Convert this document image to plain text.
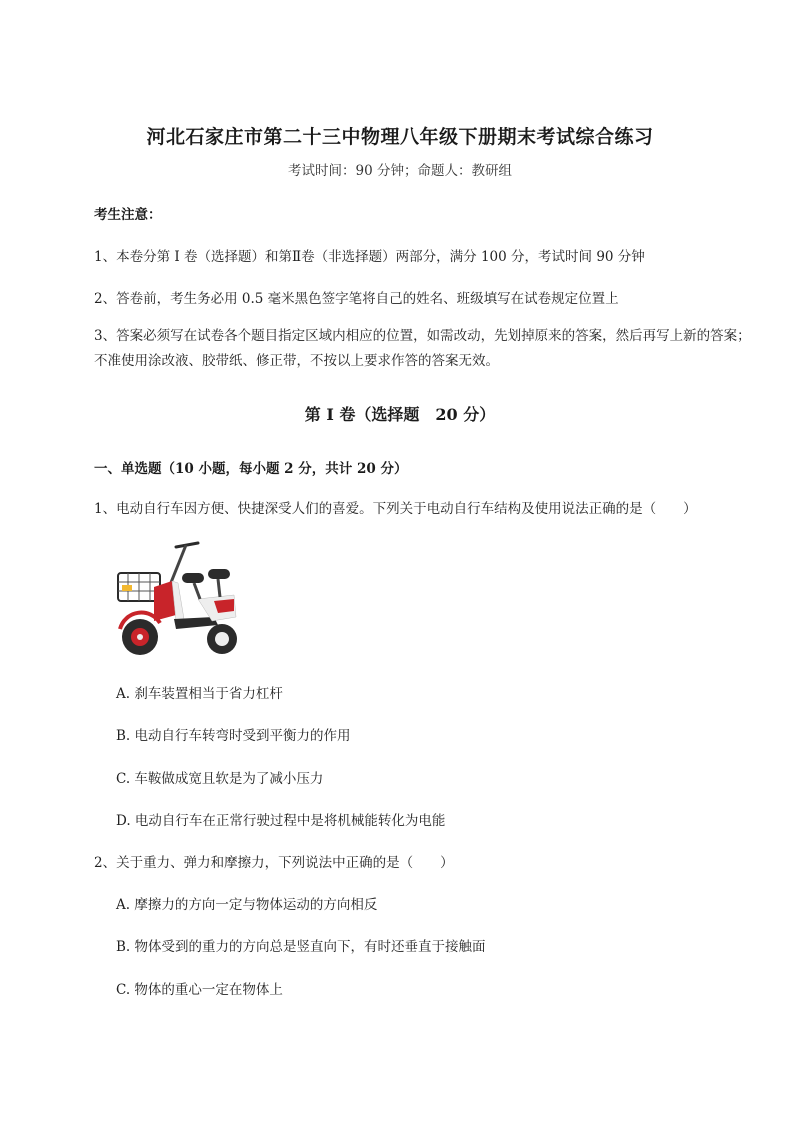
河北石家庄市第二十三中物理八年级下册期末考试综合练习
考试时间：90 分钟；命题人：教研组
考生注意：
1、本卷分第 I 卷（选择题）和第Ⅱ卷（非选择题）两部分，满分 100 分，考试时间 90 分钟
2、答卷前，考生务必用 0.5 毫米黑色签字笔将自己的姓名、班级填写在试卷规定位置上
3、答案必须写在试卷各个题目指定区域内相应的位置，如需改动，先划掉原来的答案，然后再写上新的答案；不准使用涂改液、胶带纸、修正带，不按以上要求作答的答案无效。
第 I 卷（选择题　20 分）
一、单选题（10 小题，每小题 2 分，共计 20 分）
1、电动自行车因方便、快捷深受人们的喜爱。下列关于电动自行车结构及使用说法正确的是（　　）
A. 刹车装置相当于省力杠杆
B. 电动自行车转弯时受到平衡力的作用
C. 车鞍做成宽且软是为了减小压力
D. 电动自行车在正常行驶过程中是将机械能转化为电能
2、关于重力、弹力和摩擦力，下列说法中正确的是（　　）
A. 摩擦力的方向一定与物体运动的方向相反
B. 物体受到的重力的方向总是竖直向下，有时还垂直于接触面
C. 物体的重心一定在物体上
